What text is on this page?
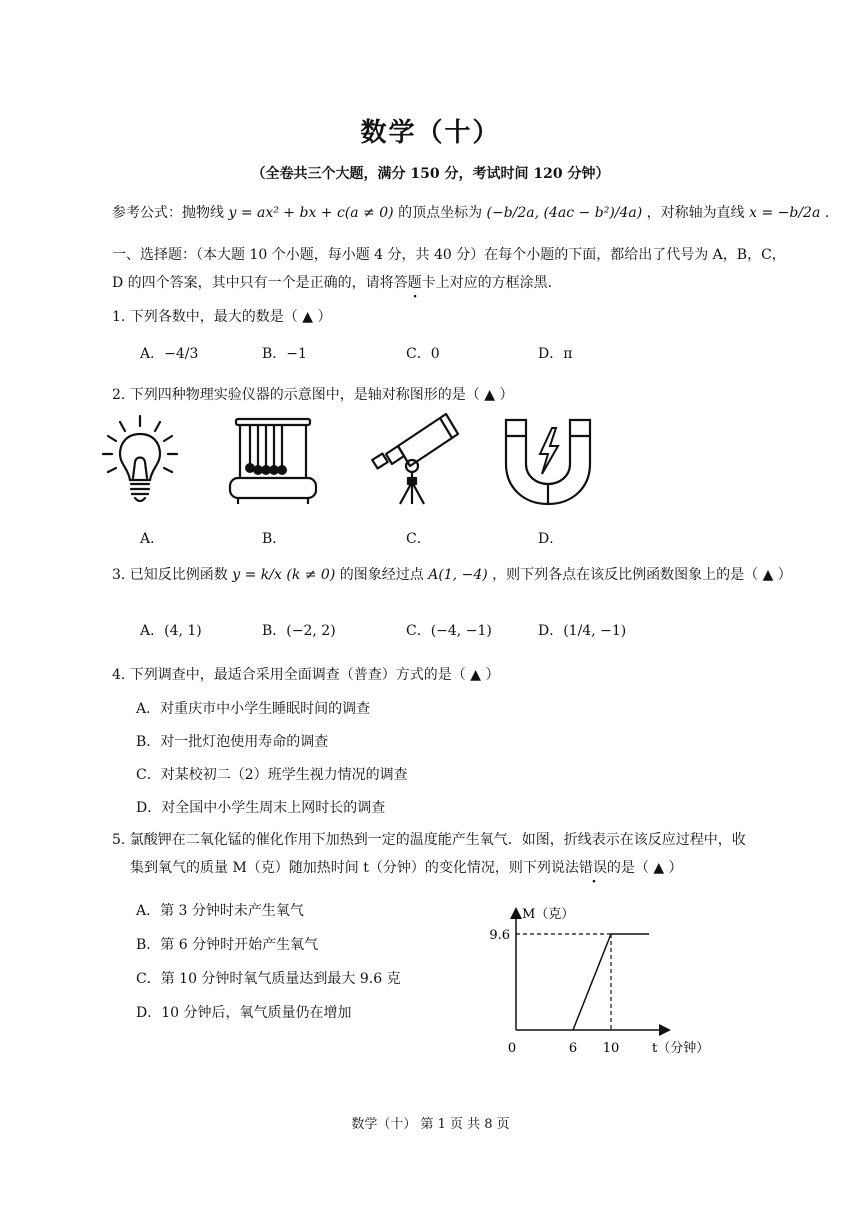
数学（十）
（全卷共三个大题，满分 150 分，考试时间 120 分钟）
参考公式：抛物线 y = ax² + bx + c(a ≠ 0) 的顶点坐标为 (−b/2a, (4ac − b²)/4a) ，对称轴为直线 x = −b/2a .
一、选择题：（本大题 10 个小题，每小题 4 分，共 40 分）在每个小题的下面，都给出了代号为 A，B，C，
D 的四个答案，其中只有一个是正确的，请将答题卡上对应的方框涂黑.
1. 下列各数中，最大的数是（ ▲ ）
A．−4/3	B．−1	C．0	D．π
2. 下列四种物理实验仪器的示意图中，是轴对称图形的是（ ▲ ）
A．	B．	C．	D．
3. 已知反比例函数 y = k/x (k ≠ 0) 的图象经过点 A(1, −4) ，则下列各点在该反比例函数图象上的是（ ▲ ）
A．(4, 1)	B．(−2, 2)	C．(−4, −1)	D．(1/4, −1)
4. 下列调查中，最适合采用全面调查（普查）方式的是（ ▲ ）
A．对重庆市中小学生睡眠时间的调查
B．对一批灯泡使用寿命的调查
C．对某校初二（2）班学生视力情况的调查
D．对全国中小学生周末上网时长的调查
5. 氯酸钾在二氧化锰的催化作用下加热到一定的温度能产生氧气．如图，折线表示在该反应过程中，收
集到氧气的质量 M（克）随加热时间 t（分钟）的变化情况，则下列说法错误的是（ ▲ ）
A．第 3 分钟时未产生氧气
B．第 6 分钟时开始产生氧气
C．第 10 分钟时氧气质量达到最大 9.6 克
D．10 分钟后，氧气质量仍在增加
6 10
9.6
M（克）
t（分钟）
0
数学（十） 第 1 页 共 8 页
